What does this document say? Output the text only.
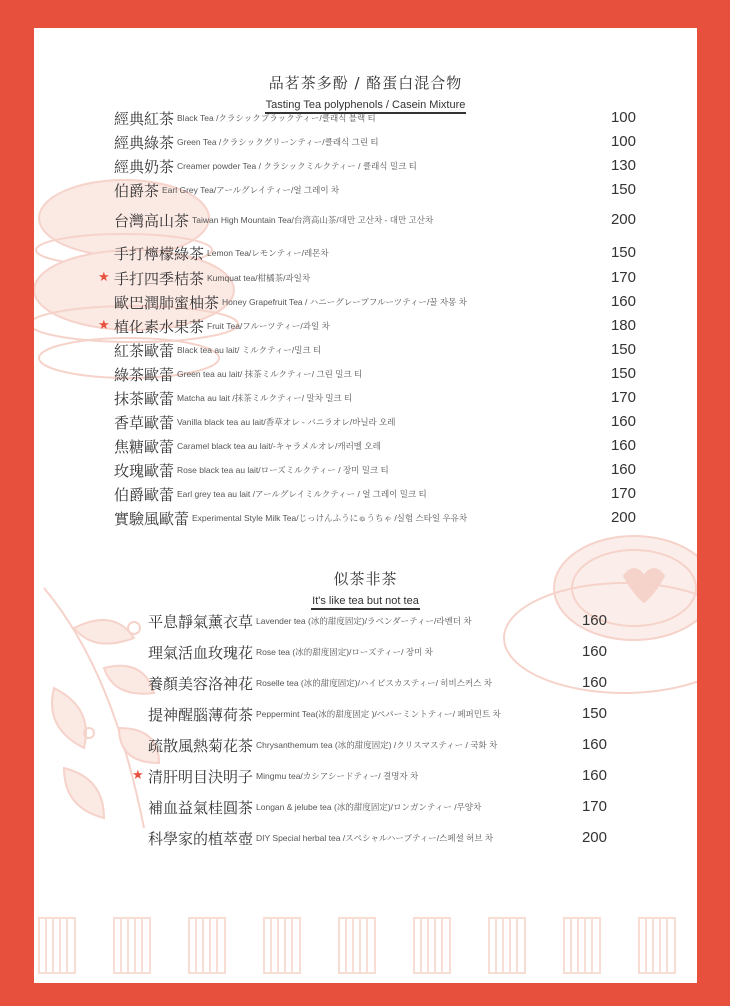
品茗茶多酚 / 酪蛋白混合物
Tasting Tea polyphenols / Casein Mixture
經典紅茶 Black Tea /クラシックブラックティー/클래식 블랙 티	100
經典綠茶 Green Tea /クラシックグリーンティー/클래식 그린 티	100
經典奶茶 Creamer powder Tea / クラシックミルクティー / 클래식 밀크 티	130
伯爵茶 Earl Grey Tea/アールグレイティー/얼 그레이 차	150
台灣高山茶 Taiwan High Mountain Tea/台湾高山茶/대만 고산차 - 대만 고산차	200
手打檸檬綠茶 Lemon Tea/レモンティー/레몬차	150
★ 手打四季桔茶 Kumquat tea/柑橘茶/과일차	170
歐巴潤肺蜜柚茶 Honey Grapefruit Tea / ハニーグレープフルーツティー/꿀 자몽 차	160
★ 植化素水果茶 Fruit Tea/フルーツティー/과일 차	180
紅茶歐蕾 Black tea au lait/ ミルクティー/밀크 티	150
綠茶歐蕾 Green tea au lait/ 抹茶ミルクティー/ 그린 밀크 티	150
抹茶歐蕾 Matcha au lait /抹茶ミルクティー/ 말차 밀크 티	170
香草歐蕾 Vanilla black tea au lait/香草オレ - バニラオレ/바닐라 오레	160
焦糖歐蕾 Caramel black tea au lait/-キャラメルオレ/캐러멜 오레	160
玫瑰歐蕾 Rose black tea au lait/ローズミルクティー / 장미 밀크 티	160
伯爵歐蕾 Earl grey tea au lait /アールグレイミルクティー / 얼 그레이 밀크 티	170
實驗風歐蕾 Experimental Style Milk Tea/じっけんふうにゅうちゃ /실험 스타일 우유차	200
似茶非茶
It's like tea but not tea
平息靜氣薰衣草 Lavender tea (冰的甜度固定)/ラベンダーティー/라벤더 차	160
理氣活血玫瑰花 Rose tea (冰的甜度固定)/ローズティー/ 장미 차	160
養顏美容洛神花 Roselle tea (冰的甜度固定)/ハイビスカスティー/ 히비스커스 차	160
提神醒腦薄荷茶 Peppermint Tea(冰的甜度固定 )/ペパーミントティー/ 페퍼민트 차	150
疏散風熱菊花茶 Chrysanthemum tea (冰的甜度固定) /クリスマスティー / 국화 차	160
★ 清肝明目決明子 Mingmu tea/カシアシードティー/ 결명자 차	160
補血益氣桂圓茶 Longan & jelube tea (冰的甜度固定)/ロンガンティー /무양차	170
科學家的植萃壺 DIY Special herbal tea /スペシャルハーブティー/스페셜 허브 차	200
